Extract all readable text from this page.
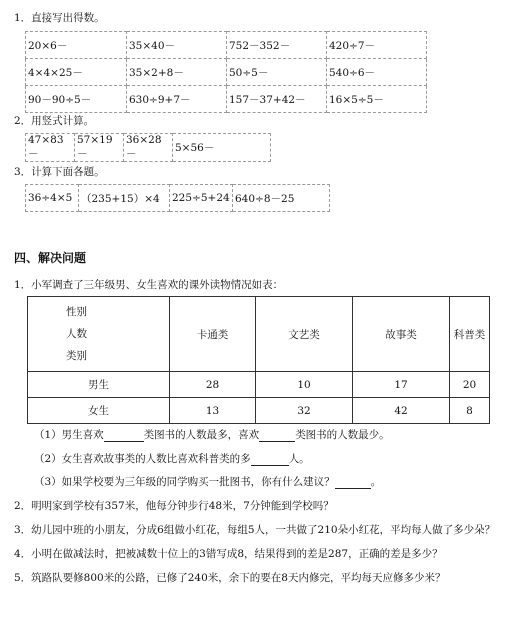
1．直接写出得数。
20×6－	35×40－	752－352－	420÷7－
4×4×25－	35×2+8－	50÷5－	540÷6－
90－90÷5－	630÷9+7－	157－37+42－	16×5÷5－
2．用竖式计算。
47×83－	57×19－	36×28－	5×56－
3．计算下面各题。
36÷4×5	（235+15）×4	225÷5+24	640÷8－25
四、解决问题
1．小军调查了三年级男、女生喜欢的课外读物情况如表：
性别
人数
类别	卡通类	文艺类	故事类	科普类
男生	28	10	17	20
女生	13	32	42	8
（1）男生喜欢	类图书的人数最多，喜欢	类图书的人数最少。
（2）女生喜欢故事类的人数比喜欢科普类的多	人。
（3）如果学校要为三年级的同学购买一批图书，你有什么建议？	。
2．明明家到学校有357米，他每分钟步行48米，7分钟能到学校吗？
3．幼儿园中班的小朋友，分成6组做小红花，每组5人，一共做了210朵小红花，平均每人做了多少朵？
4．小明在做减法时，把被减数十位上的3错写成8，结果得到的差是287，正确的差是多少？
5．筑路队要修800米的公路，已修了240米，余下的要在8天内修完，平均每天应修多少米？
